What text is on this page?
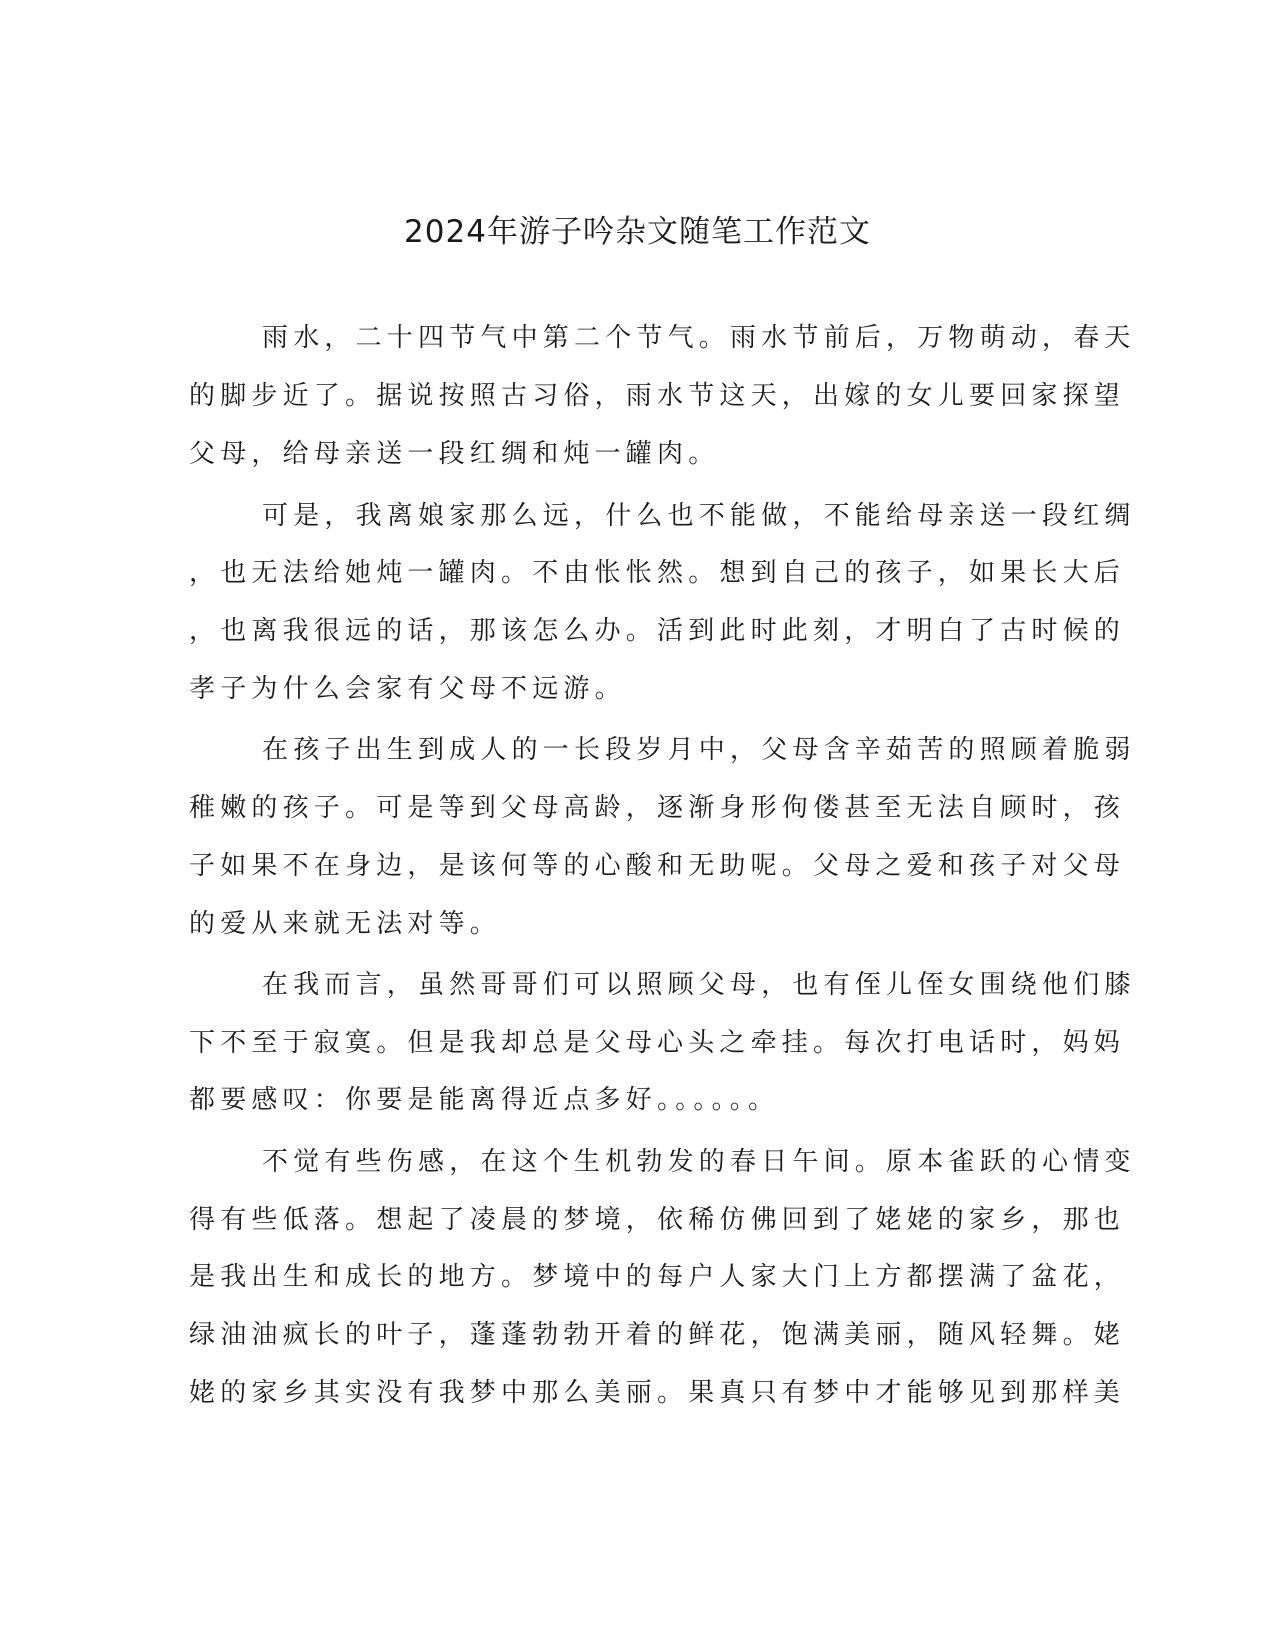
2024年游子吟杂文随笔工作范文

雨水，二十四节气中第二个节气。雨水节前后，万物萌动，春天

的脚步近了。据说按照古习俗，雨水节这天，出嫁的女儿要回家探望

父母，给母亲送一段红绸和炖一罐肉。

可是，我离娘家那么远，什么也不能做，不能给母亲送一段红绸

，也无法给她炖一罐肉。不由怅怅然。想到自己的孩子，如果长大后

，也离我很远的话，那该怎么办。活到此时此刻，才明白了古时候的

孝子为什么会家有父母不远游。

在孩子出生到成人的一长段岁月中，父母含辛茹苦的照顾着脆弱

稚嫩的孩子。可是等到父母高龄，逐渐身形佝偻甚至无法自顾时，孩

子如果不在身边，是该何等的心酸和无助呢。父母之爱和孩子对父母

的爱从来就无法对等。

在我而言，虽然哥哥们可以照顾父母，也有侄儿侄女围绕他们膝

下不至于寂寞。但是我却总是父母心头之牵挂。每次打电话时，妈妈

都要感叹：你要是能离得近点多好。。。。。。

不觉有些伤感，在这个生机勃发的春日午间。原本雀跃的心情变

得有些低落。想起了凌晨的梦境，依稀仿佛回到了姥姥的家乡，那也

是我出生和成长的地方。梦境中的每户人家大门上方都摆满了盆花，

绿油油疯长的叶子，蓬蓬勃勃开着的鲜花，饱满美丽，随风轻舞。姥

姥的家乡其实没有我梦中那么美丽。果真只有梦中才能够见到那样美
